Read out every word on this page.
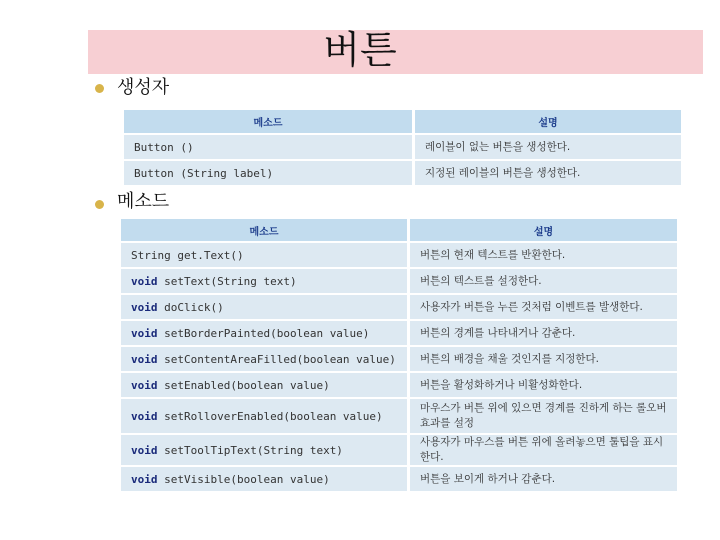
버튼
생성자
메소드	설명
Button ()	레이블이 없는 버튼을 생성한다.
Button (String label)	지정된 레이블의 버튼을 생성한다.
메소드
메소드	설명
String get.Text()	버튼의 현재 텍스트를 반환한다.
void setText(String text)	버튼의 텍스트를 설정한다.
void doClick()	사용자가 버튼을 누른 것처럼 이벤트를 발생한다.
void setBorderPainted(boolean value)	버튼의 경계를 나타내거나 감춘다.
void setContentAreaFilled(boolean value)	버튼의 배경을 채울 것인지를 지정한다.
void setEnabled(boolean value)	버튼을 활성화하거나 비활성화한다.
void setRolloverEnabled(boolean value)	마우스가 버튼 위에 있으면 경계를 진하게 하는 롤오버 효과를 설정
void setToolTipText(String text)	사용자가 마우스를 버튼 위에 올려놓으면 툴팁을 표시한다.
void setVisible(boolean value)	버튼을 보이게 하거나 감춘다.
